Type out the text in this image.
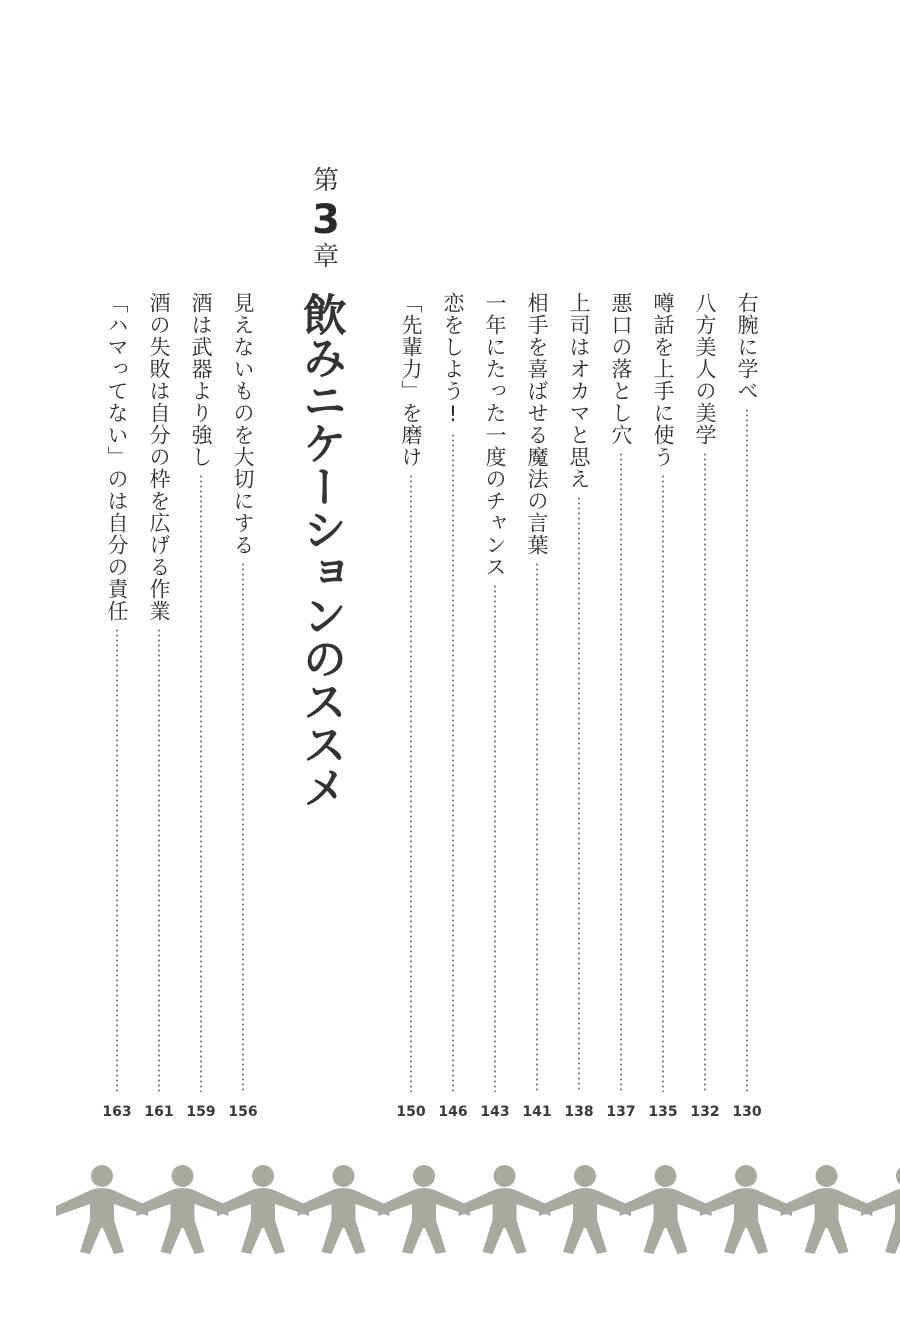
第
3
章
飲みニケーションのススメ	右腕に学べ
130
八方美人の美学
132
噂話を上手に使う
135
悪口の落とし穴
137
上司はオカマと思え
138
相手を喜ばせる魔法の言葉
141
一年にたった一度のチャンス
143
恋をしよう!
146
「先輩力」を磨け
150
見えないものを大切にする
156
酒は武器より強し
159
酒の失敗は自分の枠を広げる作業
161
「ハマってない」のは自分の責任
163
